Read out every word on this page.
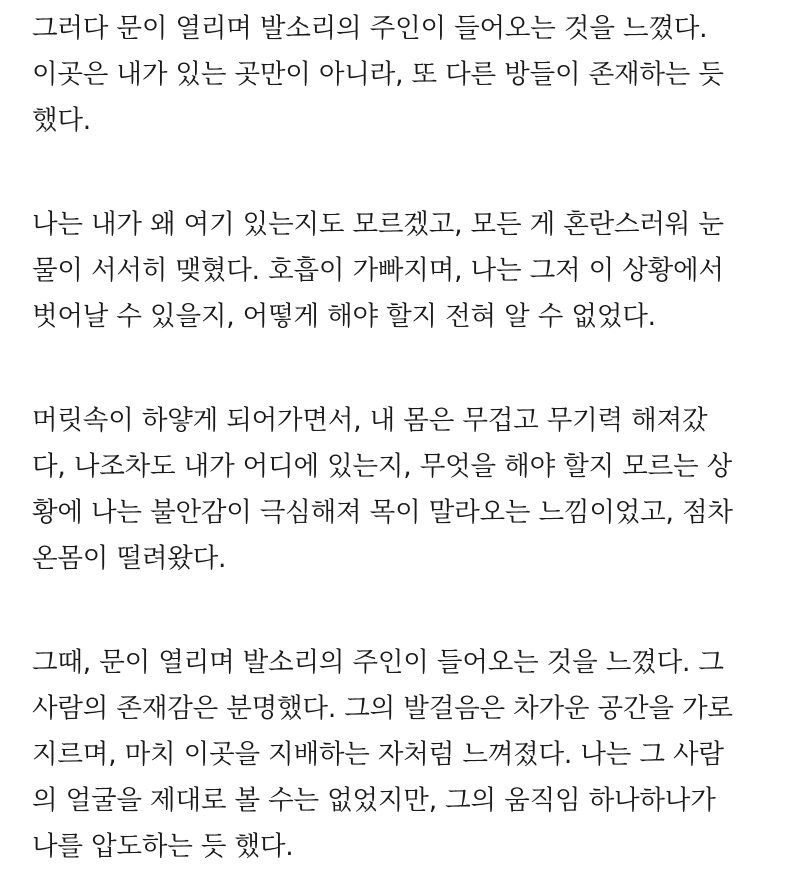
그러다 문이 열리며 발소리의 주인이 들어오는 것을 느꼈다.
이곳은 내가 있는 곳만이 아니라, 또 다른 방들이 존재하는 듯
했다.
나는 내가 왜 여기 있는지도 모르겠고, 모든 게 혼란스러워 눈
물이 서서히 맺혔다. 호흡이 가빠지며, 나는 그저 이 상황에서
벗어날 수 있을지, 어떻게 해야 할지 전혀 알 수 없었다.
머릿속이 하얗게 되어가면서, 내 몸은 무겁고 무기력 해져갔
다, 나조차도 내가 어디에 있는지, 무엇을 해야 할지 모르는 상
황에 나는 불안감이 극심해져 목이 말라오는 느낌이었고, 점차
온몸이 떨려왔다.
그때, 문이 열리며 발소리의 주인이 들어오는 것을 느꼈다. 그
사람의 존재감은 분명했다. 그의 발걸음은 차가운 공간을 가로
지르며, 마치 이곳을 지배하는 자처럼 느껴졌다. 나는 그 사람
의 얼굴을 제대로 볼 수는 없었지만, 그의 움직임 하나하나가
나를 압도하는 듯 했다.
